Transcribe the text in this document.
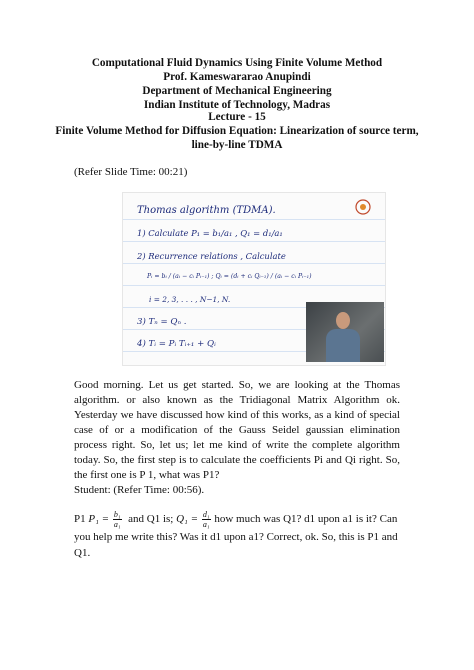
Computational Fluid Dynamics Using Finite Volume Method
Prof. Kameswararao Anupindi
Department of Mechanical Engineering
Indian Institute of Technology, Madras
Lecture - 15
Finite Volume Method for Diffusion Equation: Linearization of source term,
line-by-line TDMA
(Refer Slide Time: 00:21)
Thomas algorithm (TDMA).
1) Calculate P₁ = b₁/a₁ , Q₁ = d₁/a₁
2) Recurrence relations , Calculate
Pᵢ = bᵢ / (aᵢ − cᵢ Pᵢ₋₁) ; Qᵢ = (dᵢ + cᵢ Qᵢ₋₁) / (aᵢ − cᵢ Pᵢ₋₁)
i = 2, 3, . . . , N−1, N.
3) Tₙ = Qₙ .
4) Tᵢ = Pᵢ Tᵢ₊₁ + Qᵢ
Good morning. Let us get started. So, we are looking at the Thomas algorithm. or also known as the Tridiagonal Matrix Algorithm ok. Yesterday we have discussed how kind of this works, as a kind of special case of or a modification of the Gauss Seidel gaussian elimination process right. So, let us; let me kind of write the complete algorithm today. So, the first step is to calculate the coefficients Pi and Qi right. So, the first one is P 1, what was P1?
Student: (Refer Time: 00:56).
P1 $P_1 = \frac{\text{b₁}}{\text{a₁}}$ and Q1 is; $Q_1 = \frac{\text{d₁}}{\text{a₁}}$ how much was Q1? d1 upon a1 is it? Can you help me write this? Was it d1 upon a1? Correct, ok. So, this is P1 and Q1.
